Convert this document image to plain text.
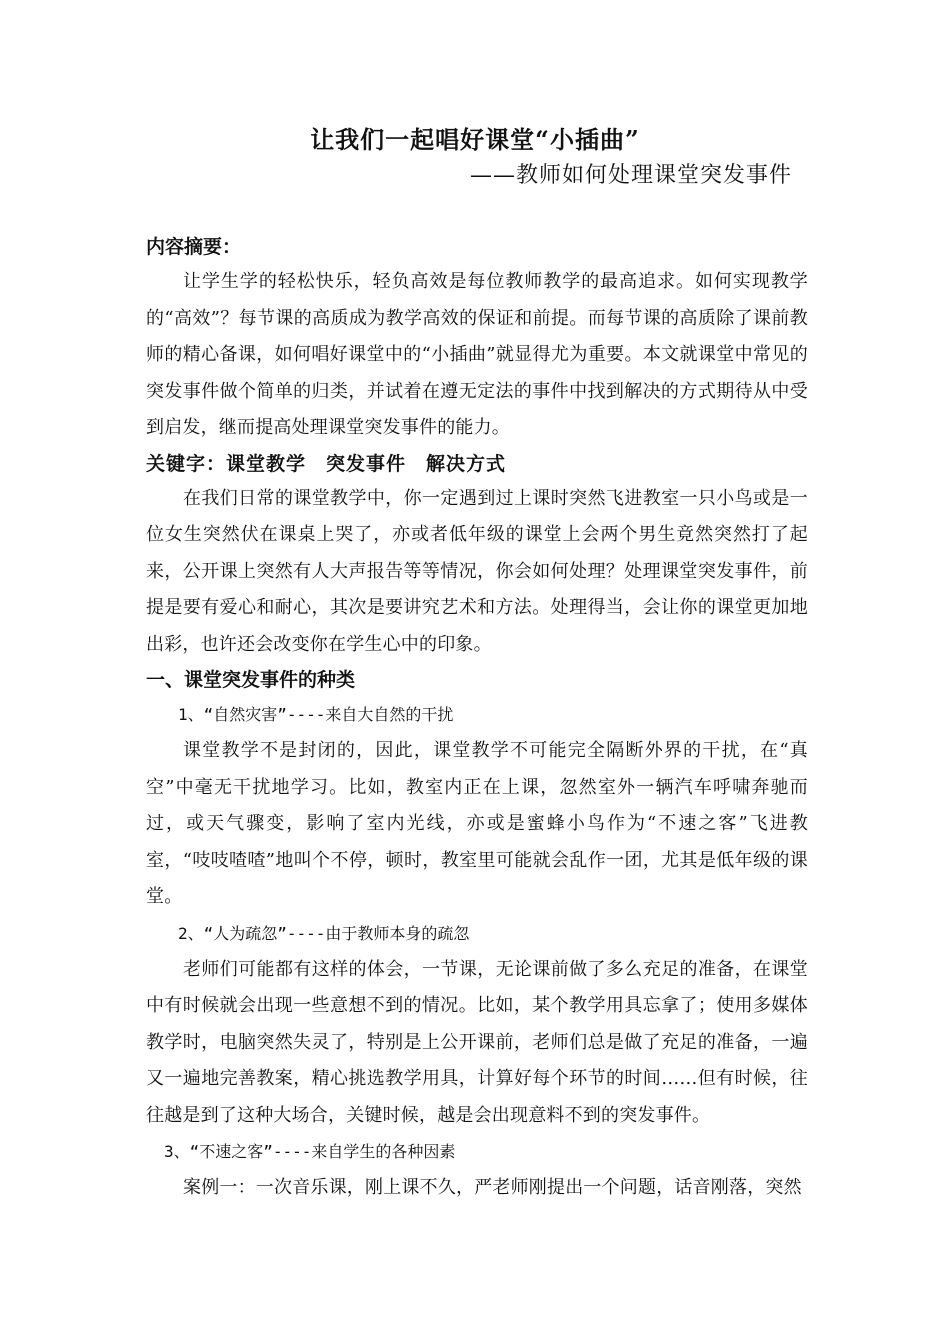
让我们一起唱好课堂“小插曲”
——教师如何处理课堂突发事件
内容摘要：

让学生学的轻松快乐，轻负高效是每位教师教学的最高追求。如何实现教学的“高效”？每节课的高质成为教学高效的保证和前提。而每节课的高质除了课前教师的精心备课，如何唱好课堂中的“小插曲”就显得尤为重要。本文就课堂中常见的突发事件做个简单的归类，并试着在遵无定法的事件中找到解决的方式期待从中受到启发，继而提高处理课堂突发事件的能力。

关键字：课堂教学　突发事件　解决方式

在我们日常的课堂教学中，你一定遇到过上课时突然飞进教室一只小鸟或是一位女生突然伏在课桌上哭了，亦或者低年级的课堂上会两个男生竟然突然打了起来，公开课上突然有人大声报告等等情况，你会如何处理？处理课堂突发事件，前提是要有爱心和耐心，其次是要讲究艺术和方法。处理得当，会让你的课堂更加地出彩，也许还会改变你在学生心中的印象。

一、课堂突发事件的种类
1、“自然灾害”----来自大自然的干扰

课堂教学不是封闭的，因此，课堂教学不可能完全隔断外界的干扰，在“真空”中毫无干扰地学习。比如，教室内正在上课，忽然室外一辆汽车呼啸奔驰而过，或天气骤变，影响了室内光线，亦或是蜜蜂小鸟作为“不速之客”飞进教室，“吱吱喳喳”地叫个不停，顿时，教室里可能就会乱作一团，尤其是低年级的课堂。

2、“人为疏忽”----由于教师本身的疏忽

老师们可能都有这样的体会，一节课，无论课前做了多么充足的准备，在课堂中有时候就会出现一些意想不到的情况。比如，某个教学用具忘拿了；使用多媒体教学时，电脑突然失灵了，特别是上公开课前，老师们总是做了充足的准备，一遍又一遍地完善教案，精心挑选教学用具，计算好每个环节的时间……但有时候，往往越是到了这种大场合，关键时候，越是会出现意料不到的突发事件。

3、“不速之客”----来自学生的各种因素

案例一：一次音乐课，刚上课不久，严老师刚提出一个问题，话音刚落，突然
